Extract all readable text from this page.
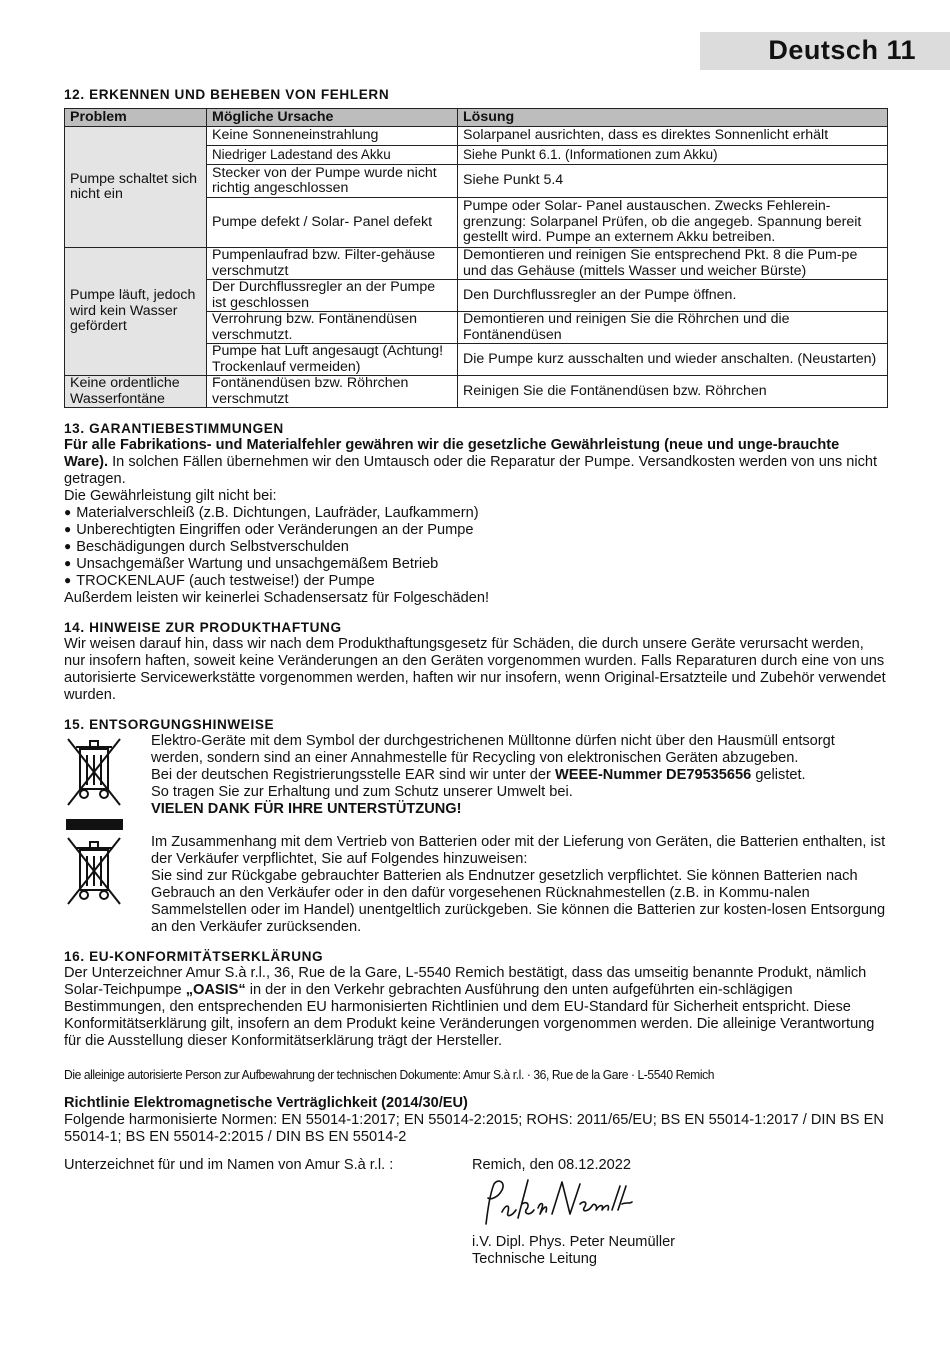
Deutsch 11
12. ERKENNEN UND BEHEBEN VON FEHLERN
Problem	Mögliche Ursache	Lösung
Pumpe schaltet sich nicht ein	Keine Sonneneinstrahlung	Solarpanel ausrichten, dass es direktes Sonnenlicht erhält
	Niedriger Ladestand des Akku	Siehe Punkt 6.1. (Informationen zum Akku)
	Stecker von der Pumpe wurde nicht richtig angeschlossen	Siehe Punkt 5.4
	Pumpe defekt / Solar- Panel defekt	Pumpe oder Solar- Panel austauschen. Zwecks Fehlerein-grenzung: Solarpanel Prüfen, ob die angegeb. Spannung bereit gestellt wird. Pumpe an externem Akku betreiben.
Pumpe läuft, jedoch wird kein Wasser gefördert	Pumpenlaufrad bzw. Filter-gehäuse verschmutzt	Demontieren und reinigen Sie entsprechend Pkt. 8 die Pum-pe und das Gehäuse (mittels Wasser und weicher Bürste)
	Der Durchflussregler an der Pumpe ist geschlossen	Den Durchflussregler an der Pumpe öffnen.
	Verrohrung bzw. Fontänendüsen verschmutzt.	Demontieren und reinigen Sie die Röhrchen und die Fontänendüsen
	Pumpe hat Luft angesaugt (Achtung! Trockenlauf vermeiden)	Die Pumpe kurz ausschalten und wieder anschalten. (Neustarten)
Keine ordentliche Wasserfontäne	Fontänendüsen bzw. Röhrchen verschmutzt	Reinigen Sie die Fontänendüsen bzw. Röhrchen
13. GARANTIEBESTIMMUNGEN

Für alle Fabrikations- und Materialfehler gewähren wir die gesetzliche Gewährleistung (neue und unge-brauchte Ware). In solchen Fällen übernehmen wir den Umtausch oder die Reparatur der Pumpe. Versandkosten werden von uns nicht getragen.

Die Gewährleistung gilt nicht bei:

● Materialverschleiß (z.B. Dichtungen, Laufräder, Laufkammern)

● Unberechtigten Eingriffen oder Veränderungen an der Pumpe

● Beschädigungen durch Selbstverschulden

● Unsachgemäßer Wartung und unsachgemäßem Betrieb

● TROCKENLAUF (auch testweise!) der Pumpe

Außerdem leisten wir keinerlei Schadensersatz für Folgeschäden!

14. HINWEISE ZUR PRODUKTHAFTUNG

Wir weisen darauf hin, dass wir nach dem Produkthaftungsgesetz für Schäden, die durch unsere Geräte verursacht werden, nur insofern haften, soweit keine Veränderungen an den Geräten vorgenommen wurden. Falls Reparaturen durch eine von uns autorisierte Servicewerkstätte vorgenommen werden, haften wir nur insofern, wenn Original-Ersatzteile und Zubehör verwendet wurden.

15. ENTSORGUNGSHINWEISE

Elektro-Geräte mit dem Symbol der durchgestrichenen Mülltonne dürfen nicht über den Hausmüll entsorgt werden, sondern sind an einer Annahmestelle für Recycling von elektronischen Geräten abzugeben.

Bei der deutschen Registrierungsstelle EAR sind wir unter der WEEE-Nummer DE79535656 gelistet.

So tragen Sie zur Erhaltung und zum Schutz unserer Umwelt bei.

VIELEN DANK FÜR IHRE UNTERSTÜTZUNG!

Im Zusammenhang mit dem Vertrieb von Batterien oder mit der Lieferung von Geräten, die Batterien enthalten, ist der Verkäufer verpflichtet, Sie auf Folgendes hinzuweisen:

Sie sind zur Rückgabe gebrauchter Batterien als Endnutzer gesetzlich verpflichtet. Sie können Batterien nach Gebrauch an den Verkäufer oder in den dafür vorgesehenen Rücknahmestellen (z.B. in Kommu-nalen Sammelstellen oder im Handel) unentgeltlich zurückgeben. Sie können die Batterien zur kosten-losen Entsorgung an den Verkäufer zurücksenden.

16. EU-KONFORMITÄTSERKLÄRUNG

Der Unterzeichner Amur S.à r.l., 36, Rue de la Gare, L-5540 Remich bestätigt, dass das umseitig benannte Produkt, nämlich Solar-Teichpumpe „OASIS“ in der in den Verkehr gebrachten Ausführung den unten aufgeführten ein-schlägigen Bestimmungen, den entsprechenden EU harmonisierten Richtlinien und dem EU-Standard für Sicherheit entspricht. Diese Konformitätserklärung gilt, insofern an dem Produkt keine Veränderungen vorgenommen werden. Die alleinige Verantwortung für die Ausstellung dieser Konformitätserklärung trägt der Hersteller.

Die alleinige autorisierte Person zur Aufbewahrung der technischen Dokumente: Amur S.à r.l. · 36, Rue de la Gare · L-5540 Remich

Richtlinie Elektromagnetische Verträglichkeit (2014/30/EU)

Folgende harmonisierte Normen: EN 55014-1:2017; EN 55014-2:2015; ROHS: 2011/65/EU; BS EN 55014-1:2017 / DIN BS EN 55014-1; BS EN 55014-2:2015 / DIN BS EN 55014-2

Unterzeichnet für und im Namen von Amur S.à r.l. :	Remich, den 08.12.2022

i.V. Dipl. Phys. Peter Neumüller

Technische Leitung
